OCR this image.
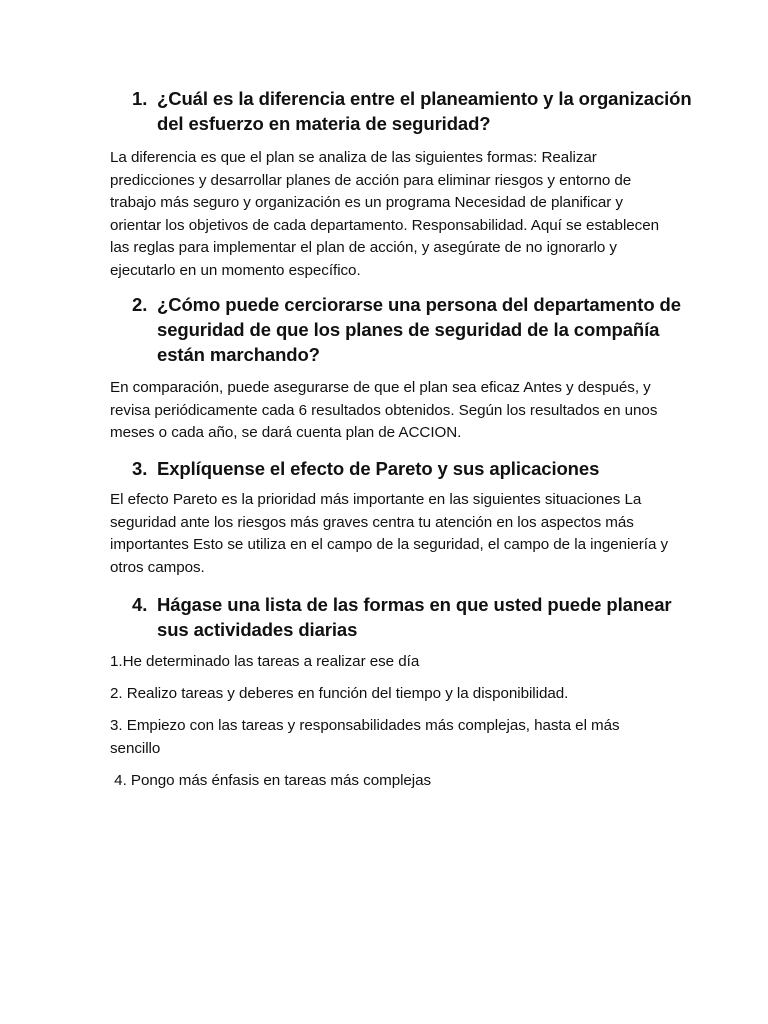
1. ¿Cuál es la diferencia entre el planeamiento y la organización del esfuerzo en materia de seguridad?

La diferencia es que el plan se analiza de las siguientes formas: Realizar predicciones y desarrollar planes de acción para eliminar riesgos y entorno de trabajo más seguro y organización es un programa Necesidad de planificar y orientar los objetivos de cada departamento. Responsabilidad. Aquí se establecen las reglas para implementar el plan de acción, y asegúrate de no ignorarlo y ejecutarlo en un momento específico.

2. ¿Cómo puede cerciorarse una persona del departamento de seguridad de que los planes de seguridad de la compañía están marchando?

En comparación, puede asegurarse de que el plan sea eficaz Antes y después, y revisa periódicamente cada 6 resultados obtenidos. Según los resultados en unos meses o cada año, se dará cuenta plan de ACCION.

3. Explíquense el efecto de Pareto y sus aplicaciones

El efecto Pareto es la prioridad más importante en las siguientes situaciones La seguridad ante los riesgos más graves centra tu atención en los aspectos más importantes Esto se utiliza en el campo de la seguridad, el campo de la ingeniería y otros campos.

4. Hágase una lista de las formas en que usted puede planear sus actividades diarias

1.He determinado las tareas a realizar ese día

2. Realizo tareas y deberes en función del tiempo y la disponibilidad.

3. Empiezo con las tareas y responsabilidades más complejas, hasta el más sencillo

4. Pongo más énfasis en tareas más complejas
